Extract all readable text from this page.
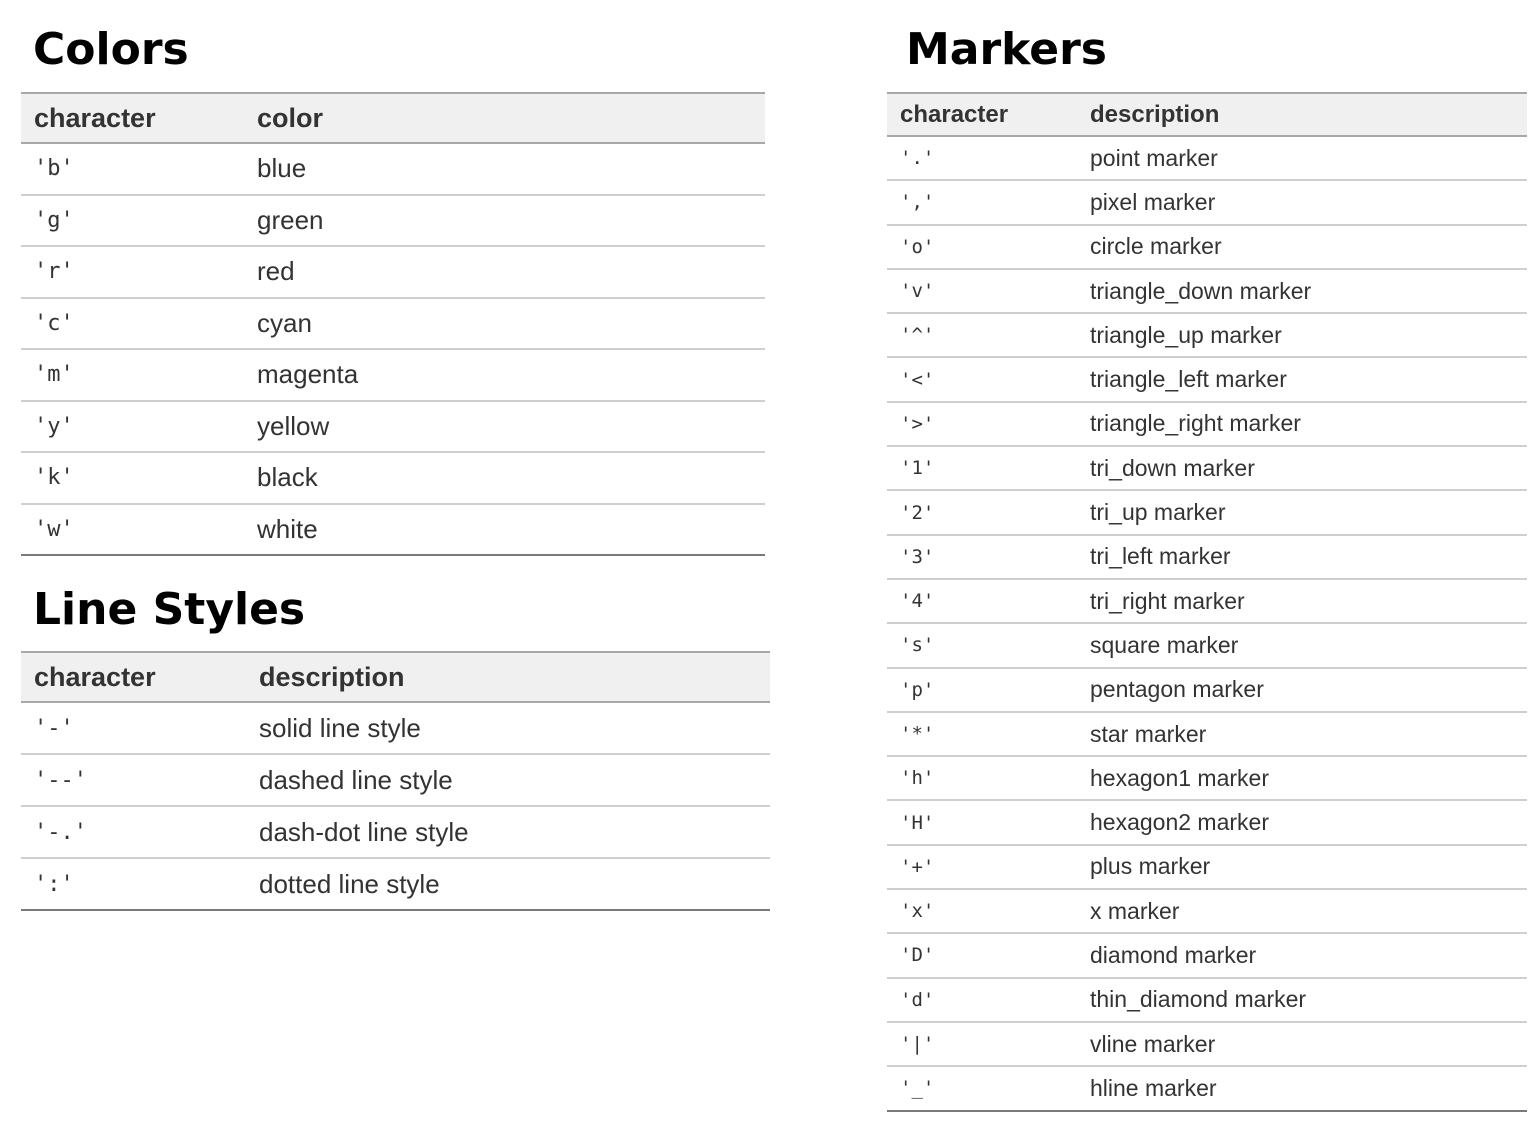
Colors
character	color
'b'	blue
'g'	green
'r'	red
'c'	cyan
'm'	magenta
'y'	yellow
'k'	black
'w'	white
Line Styles
character	description
'-'	solid line style
'--'	dashed line style
'-.'	dash-dot line style
':'	dotted line style
Markers
character	description
'.'	point marker
','	pixel marker
'o'	circle marker
'v'	triangle_down marker
'^'	triangle_up marker
'<'	triangle_left marker
'>'	triangle_right marker
'1'	tri_down marker
'2'	tri_up marker
'3'	tri_left marker
'4'	tri_right marker
's'	square marker
'p'	pentagon marker
'*'	star marker
'h'	hexagon1 marker
'H'	hexagon2 marker
'+'	plus marker
'x'	x marker
'D'	diamond marker
'd'	thin_diamond marker
'|'	vline marker
'_'	hline marker
